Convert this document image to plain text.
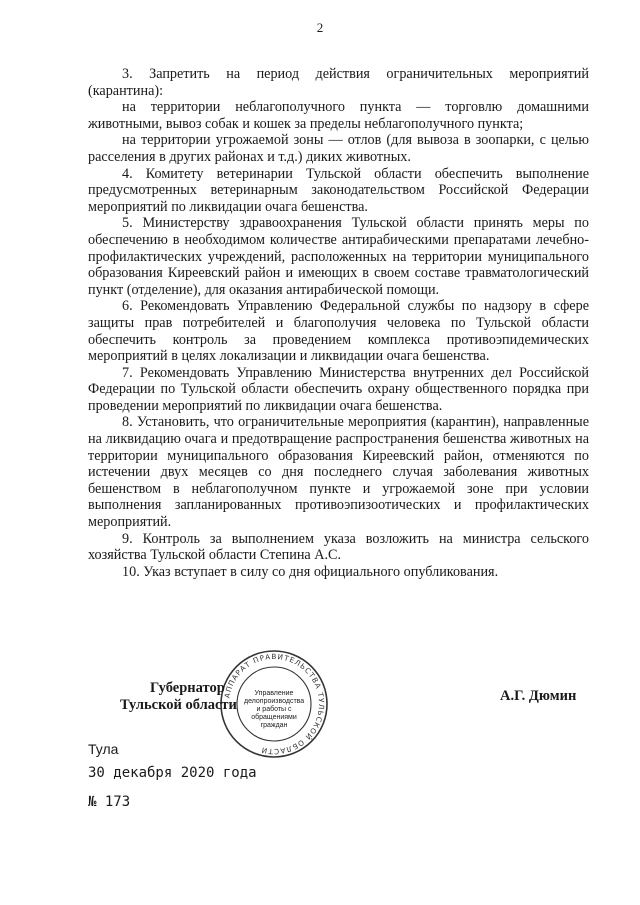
2

3. Запретить на период действия ограничительных мероприятий (карантина):

на территории неблагополучного пункта — торговлю домашними животными, вывоз собак и кошек за пределы неблагополучного пункта;

на территории угрожаемой зоны — отлов (для вывоза в зоопарки, с целью расселения в других районах и т.д.) диких животных.

4. Комитету ветеринарии Тульской области обеспечить выполнение предусмотренных ветеринарным законодательством Российской Федерации мероприятий по ликвидации очага бешенства.

5. Министерству здравоохранения Тульской области принять меры по обеспечению в необходимом количестве антирабическими препаратами лечебно-профилактических учреждений, расположенных на территории муниципального образования Киреевский район и имеющих в своем составе травматологический пункт (отделение), для оказания антирабической помощи.

6. Рекомендовать Управлению Федеральной службы по надзору в сфере защиты прав потребителей и благополучия человека по Тульской области обеспечить контроль за проведением комплекса противоэпидемических мероприятий в целях локализации и ликвидации очага бешенства.

7. Рекомендовать Управлению Министерства внутренних дел Российской Федерации по Тульской области обеспечить охрану общественного порядка при проведении мероприятий по ликвидации очага бешенства.

8. Установить, что ограничительные мероприятия (карантин), направленные на ликвидацию очага и предотвращение распространения бешенства животных на территории муниципального образования Киреевский район, отменяются по истечении двух месяцев со дня последнего случая заболевания животных бешенством в неблагополучном пункте и угрожаемой зоне при условии выполнения запланированных противоэпизоотических и профилактических мероприятий.

9. Контроль за выполнением указа возложить на министра сельского хозяйства Тульской области Степина А.С.

10. Указ вступает в силу со дня официального опубликования.

АППАРАТ ПРАВИТЕЛЬСТВА ТУЛЬСКОЙ ОБЛАСТИ
Управление делопроизводства и работы с обращениями граждан
Губернатор
Тульской области
А.Г. Дюмин
Тула
30 декабря 2020 года
№ 173
